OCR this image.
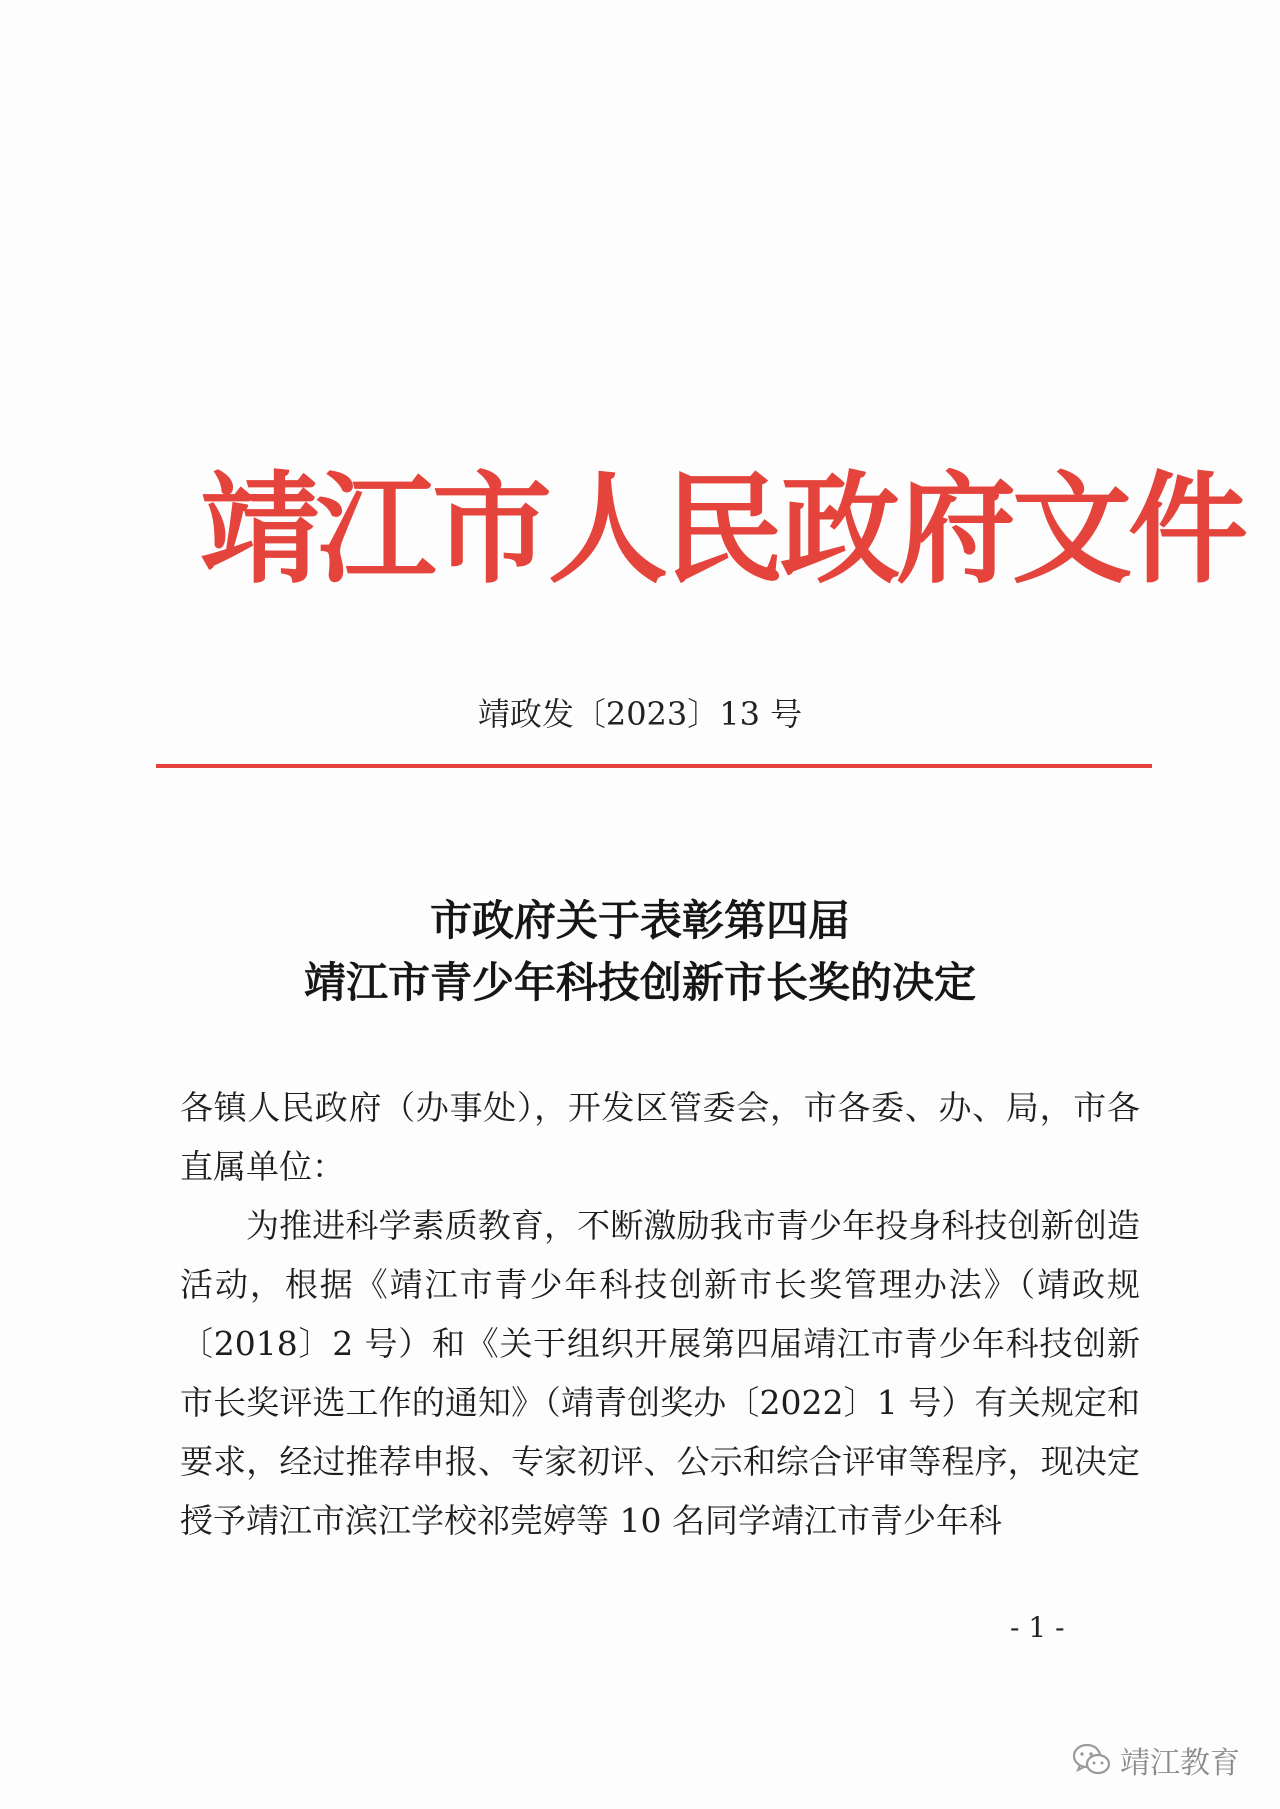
靖江市人民政府文件
靖政发〔2023〕13 号
市政府关于表彰第四届
靖江市青少年科技创新市长奖的决定

各镇人民政府（办事处），开发区管委会，市各委、办、局，市各直属单位：

为推进科学素质教育，不断激励我市青少年投身科技创新创造活动，根据《靖江市青少年科技创新市长奖管理办法》（靖政规〔2018〕2 号）和《关于组织开展第四届靖江市青少年科技创新市长奖评选工作的通知》（靖青创奖办〔2022〕1 号）有关规定和要求，经过推荐申报、专家初评、公示和综合评审等程序，现决定授予靖江市滨江学校祁莞婷等 10 名同学靖江市青少年科

- 1 -
靖江教育
